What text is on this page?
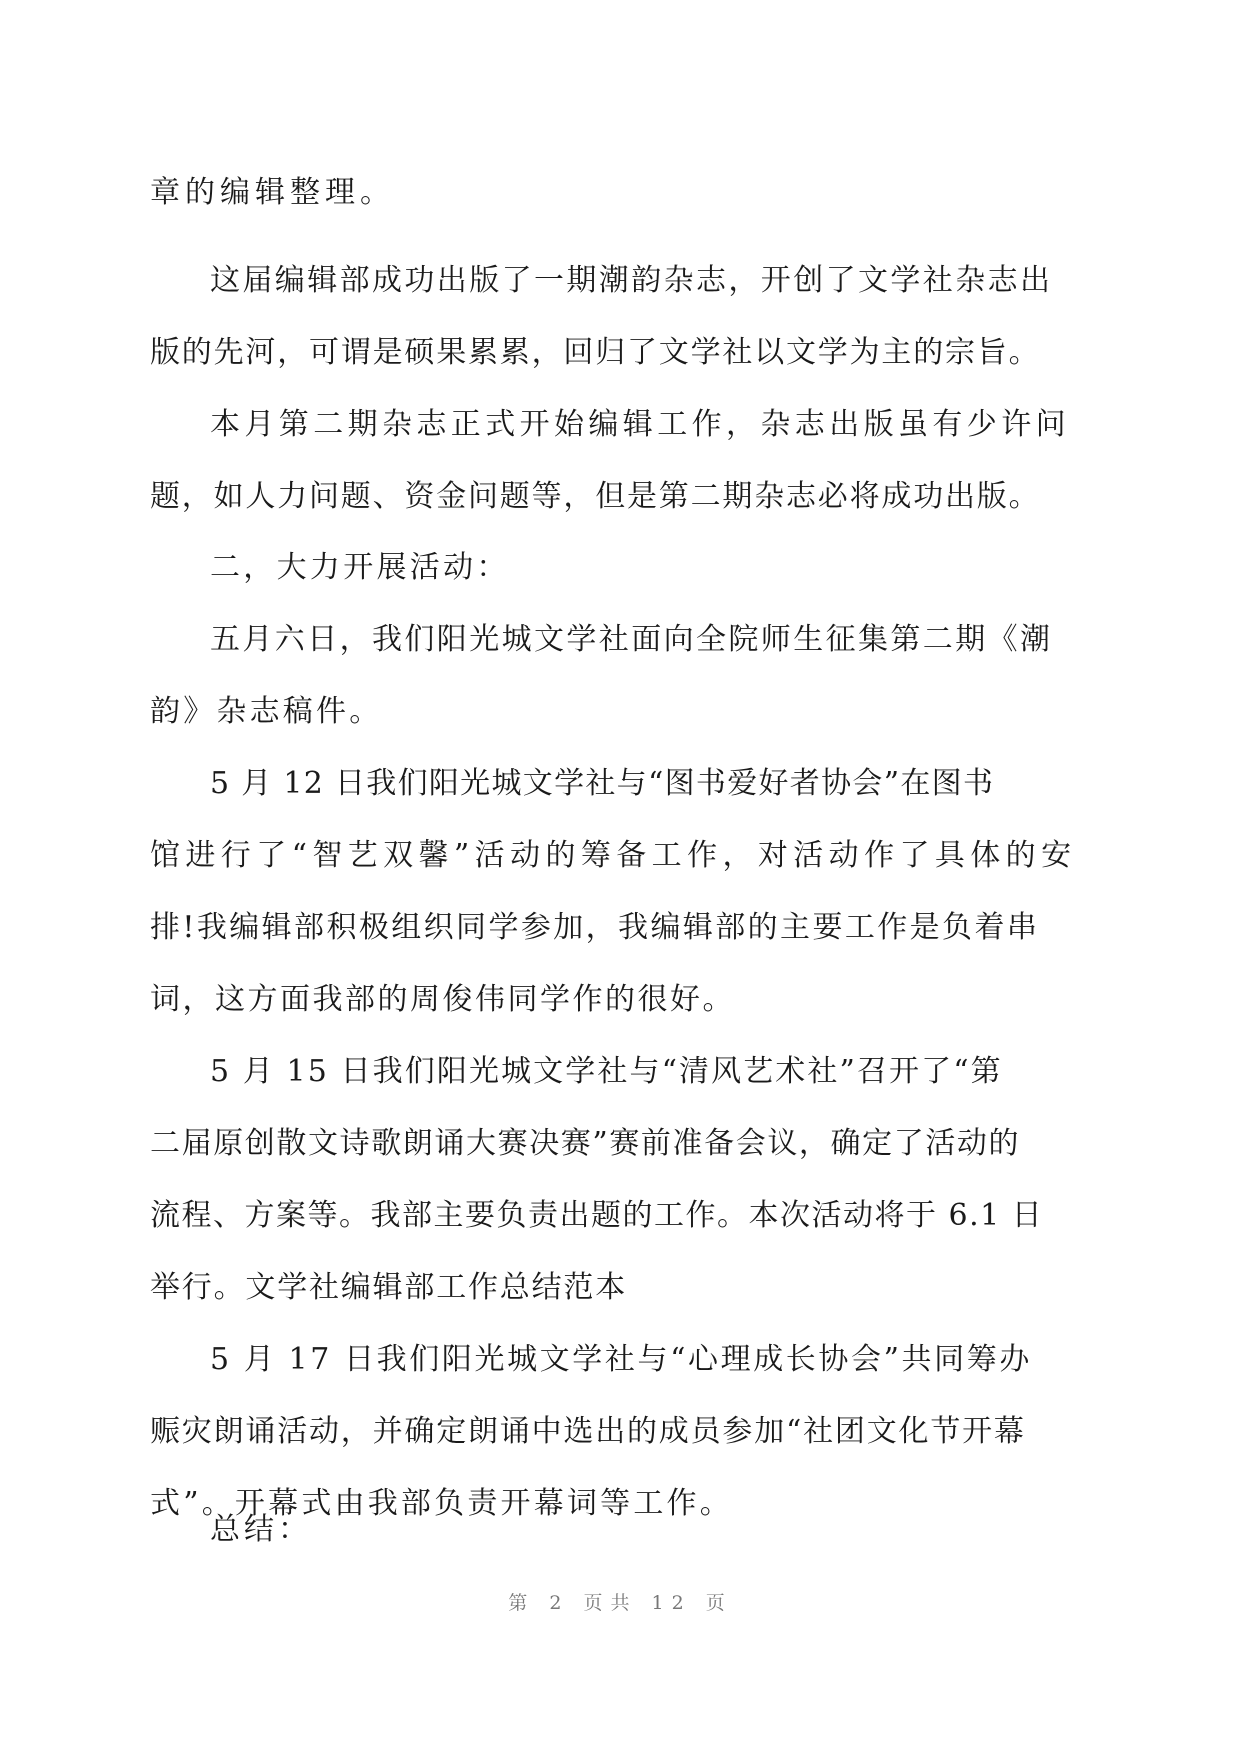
章的编辑整理。

这届编辑部成功出版了一期潮韵杂志，开创了文学社杂志出

版的先河，可谓是硕果累累，回归了文学社以文学为主的宗旨。

本月第二期杂志正式开始编辑工作，杂志出版虽有少许问

题，如人力问题、资金问题等，但是第二期杂志必将成功出版。

二，大力开展活动：

五月六日，我们阳光城文学社面向全院师生征集第二期《潮

韵》杂志稿件。

5 月 12 日我们阳光城文学社与“图书爱好者协会”在图书

馆进行了“智艺双馨”活动的筹备工作，对活动作了具体的安

排!我编辑部积极组织同学参加，我编辑部的主要工作是负着串

词，这方面我部的周俊伟同学作的很好。

5 月 15 日我们阳光城文学社与“清风艺术社”召开了“第

二届原创散文诗歌朗诵大赛决赛”赛前准备会议，确定了活动的

流程、方案等。我部主要负责出题的工作。本次活动将于 6.1 日

举行。文学社编辑部工作总结范本

5 月 17 日我们阳光城文学社与“心理成长协会”共同筹办

赈灾朗诵活动，并确定朗诵中选出的成员参加“社团文化节开幕

式”。开幕式由我部负责开幕词等工作。

总结：

第 2 页共 12 页
